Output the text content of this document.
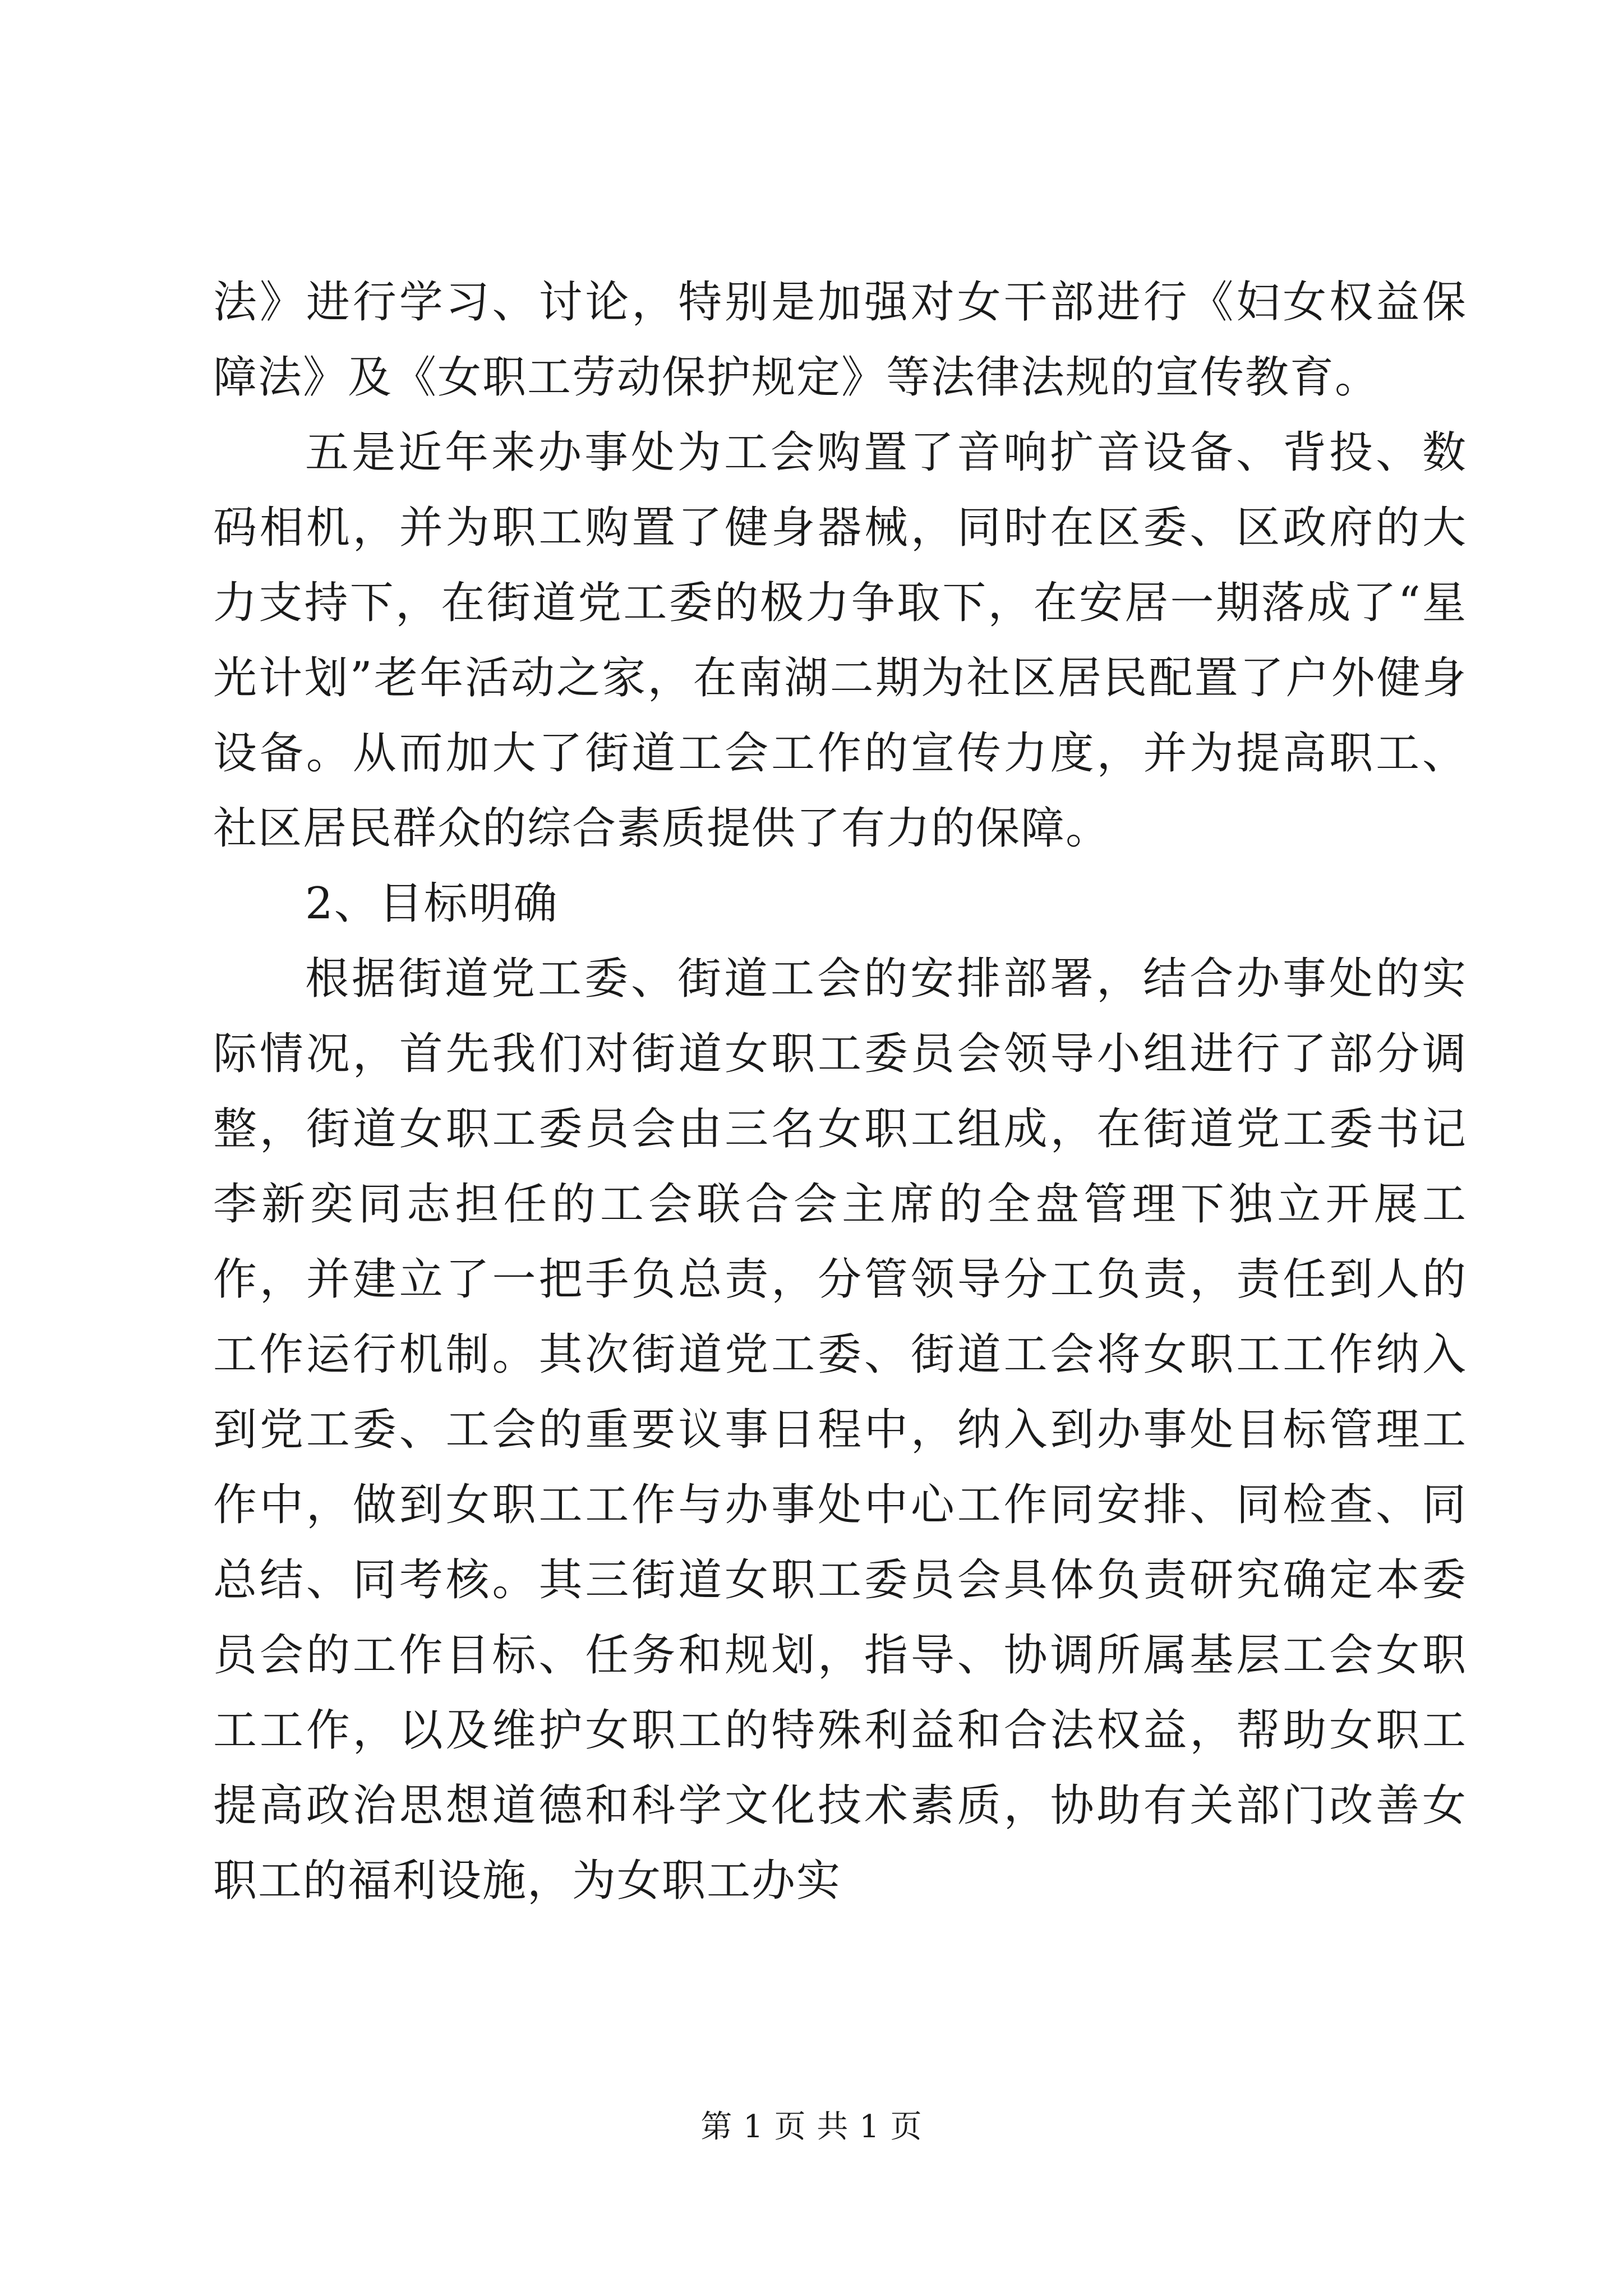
法》进行学习、讨论，特别是加强对女干部进行《妇女权益保障法》及《女职工劳动保护规定》等法律法规的宣传教育。

五是近年来办事处为工会购置了音响扩音设备、背投、数码相机，并为职工购置了健身器械，同时在区委、区政府的大力支持下，在街道党工委的极力争取下，在安居一期落成了“星光计划”老年活动之家，在南湖二期为社区居民配置了户外健身设备。从而加大了街道工会工作的宣传力度，并为提高职工、社区居民群众的综合素质提供了有力的保障。

2、目标明确

根据街道党工委、街道工会的安排部署，结合办事处的实际情况，首先我们对街道女职工委员会领导小组进行了部分调整，街道女职工委员会由三名女职工组成，在街道党工委书记李新奕同志担任的工会联合会主席的全盘管理下独立开展工作，并建立了一把手负总责，分管领导分工负责，责任到人的工作运行机制。其次街道党工委、街道工会将女职工工作纳入到党工委、工会的重要议事日程中，纳入到办事处目标管理工作中，做到女职工工作与办事处中心工作同安排、同检查、同总结、同考核。其三街道女职工委员会具体负责研究确定本委员会的工作目标、任务和规划，指导、协调所属基层工会女职工工作，以及维护女职工的特殊利益和合法权益，帮助女职工提高政治思想道德和科学文化技术素质，协助有关部门改善女职工的福利设施，为女职工办实

第 1 页 共 1 页
